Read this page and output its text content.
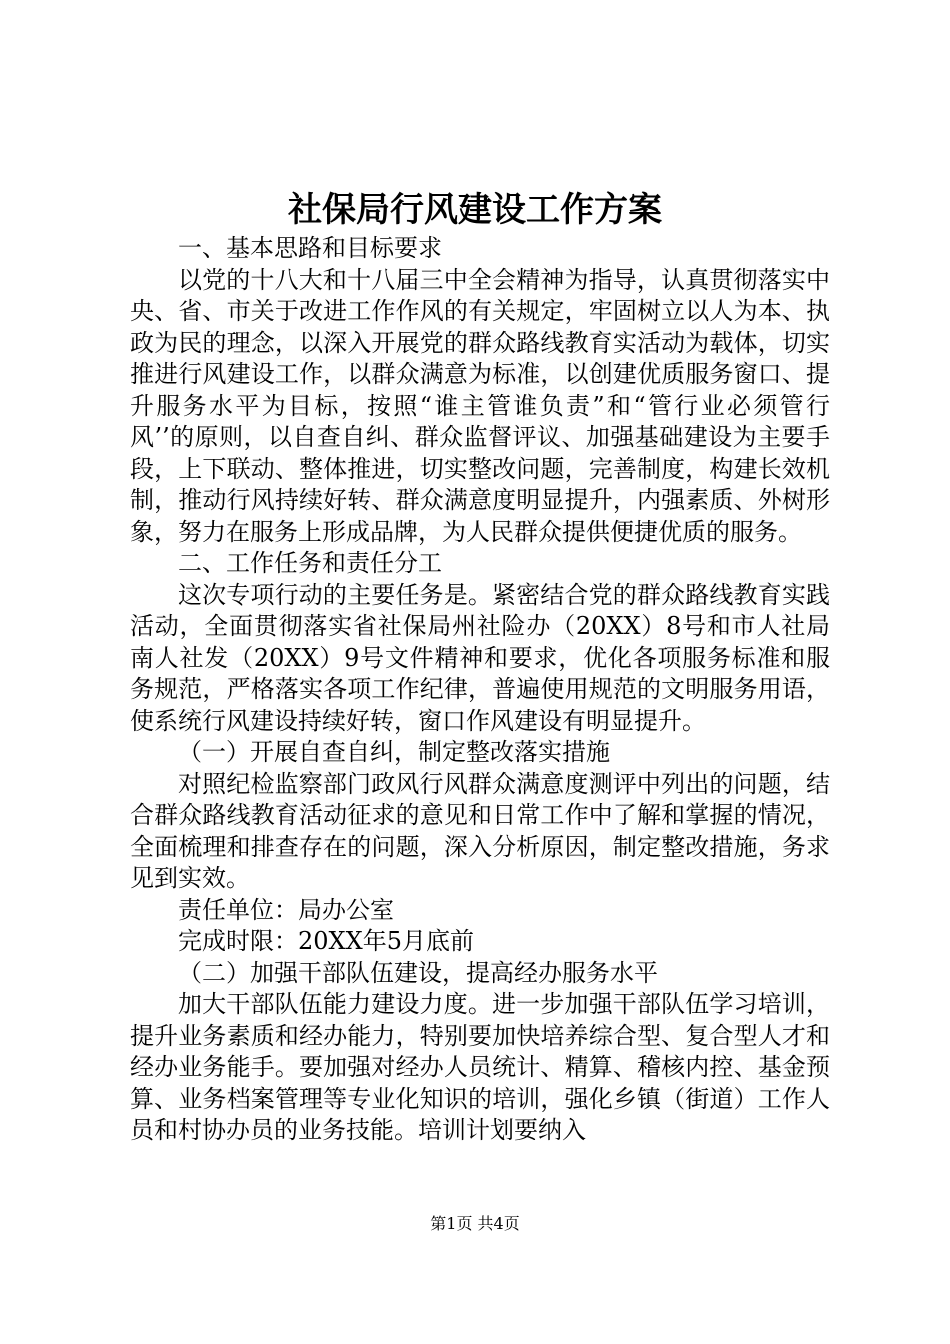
社保局行风建设工作方案

一、基本思路和目标要求

以党的十八大和十八届三中全会精神为指导，认真贯彻落实中央、省、市关于改进工作作风的有关规定，牢固树立以人为本、执政为民的理念，以深入开展党的群众路线教育实活动为载体，切实推进行风建设工作，以群众满意为标准，以创建优质服务窗口、提升服务水平为目标，按照“谁主管谁负责”和“管行业必须管行风’’的原则，以自查自纠、群众监督评议、加强基础建设为主要手段，上下联动、整体推进，切实整改问题，完善制度，构建长效机制，推动行风持续好转、群众满意度明显提升，内强素质、外树形象，努力在服务上形成品牌，为人民群众提供便捷优质的服务。

二、工作任务和责任分工

这次专项行动的主要任务是。紧密结合党的群众路线教育实践活动，全面贯彻落实省社保局州社险办（20XX）8号和市人社局南人社发（20XX）9号文件精神和要求，优化各项服务标准和服务规范，严格落实各项工作纪律，普遍使用规范的文明服务用语，使系统行风建设持续好转，窗口作风建设有明显提升。

（一）开展自查自纠，制定整改落实措施

对照纪检监察部门政风行风群众满意度测评中列出的问题，结合群众路线教育活动征求的意见和日常工作中了解和掌握的情况，全面梳理和排查存在的问题，深入分析原因，制定整改措施，务求见到实效。

责任单位：局办公室

完成时限：20XX年5月底前

（二）加强干部队伍建设，提高经办服务水平

加大干部队伍能力建设力度。进一步加强干部队伍学习培训，提升业务素质和经办能力，特别要加快培养综合型、复合型人才和经办业务能手。要加强对经办人员统计、精算、稽核内控、基金预算、业务档案管理等专业化知识的培训，强化乡镇（街道）工作人员和村协办员的业务技能。培训计划要纳入

第1页 共4页
